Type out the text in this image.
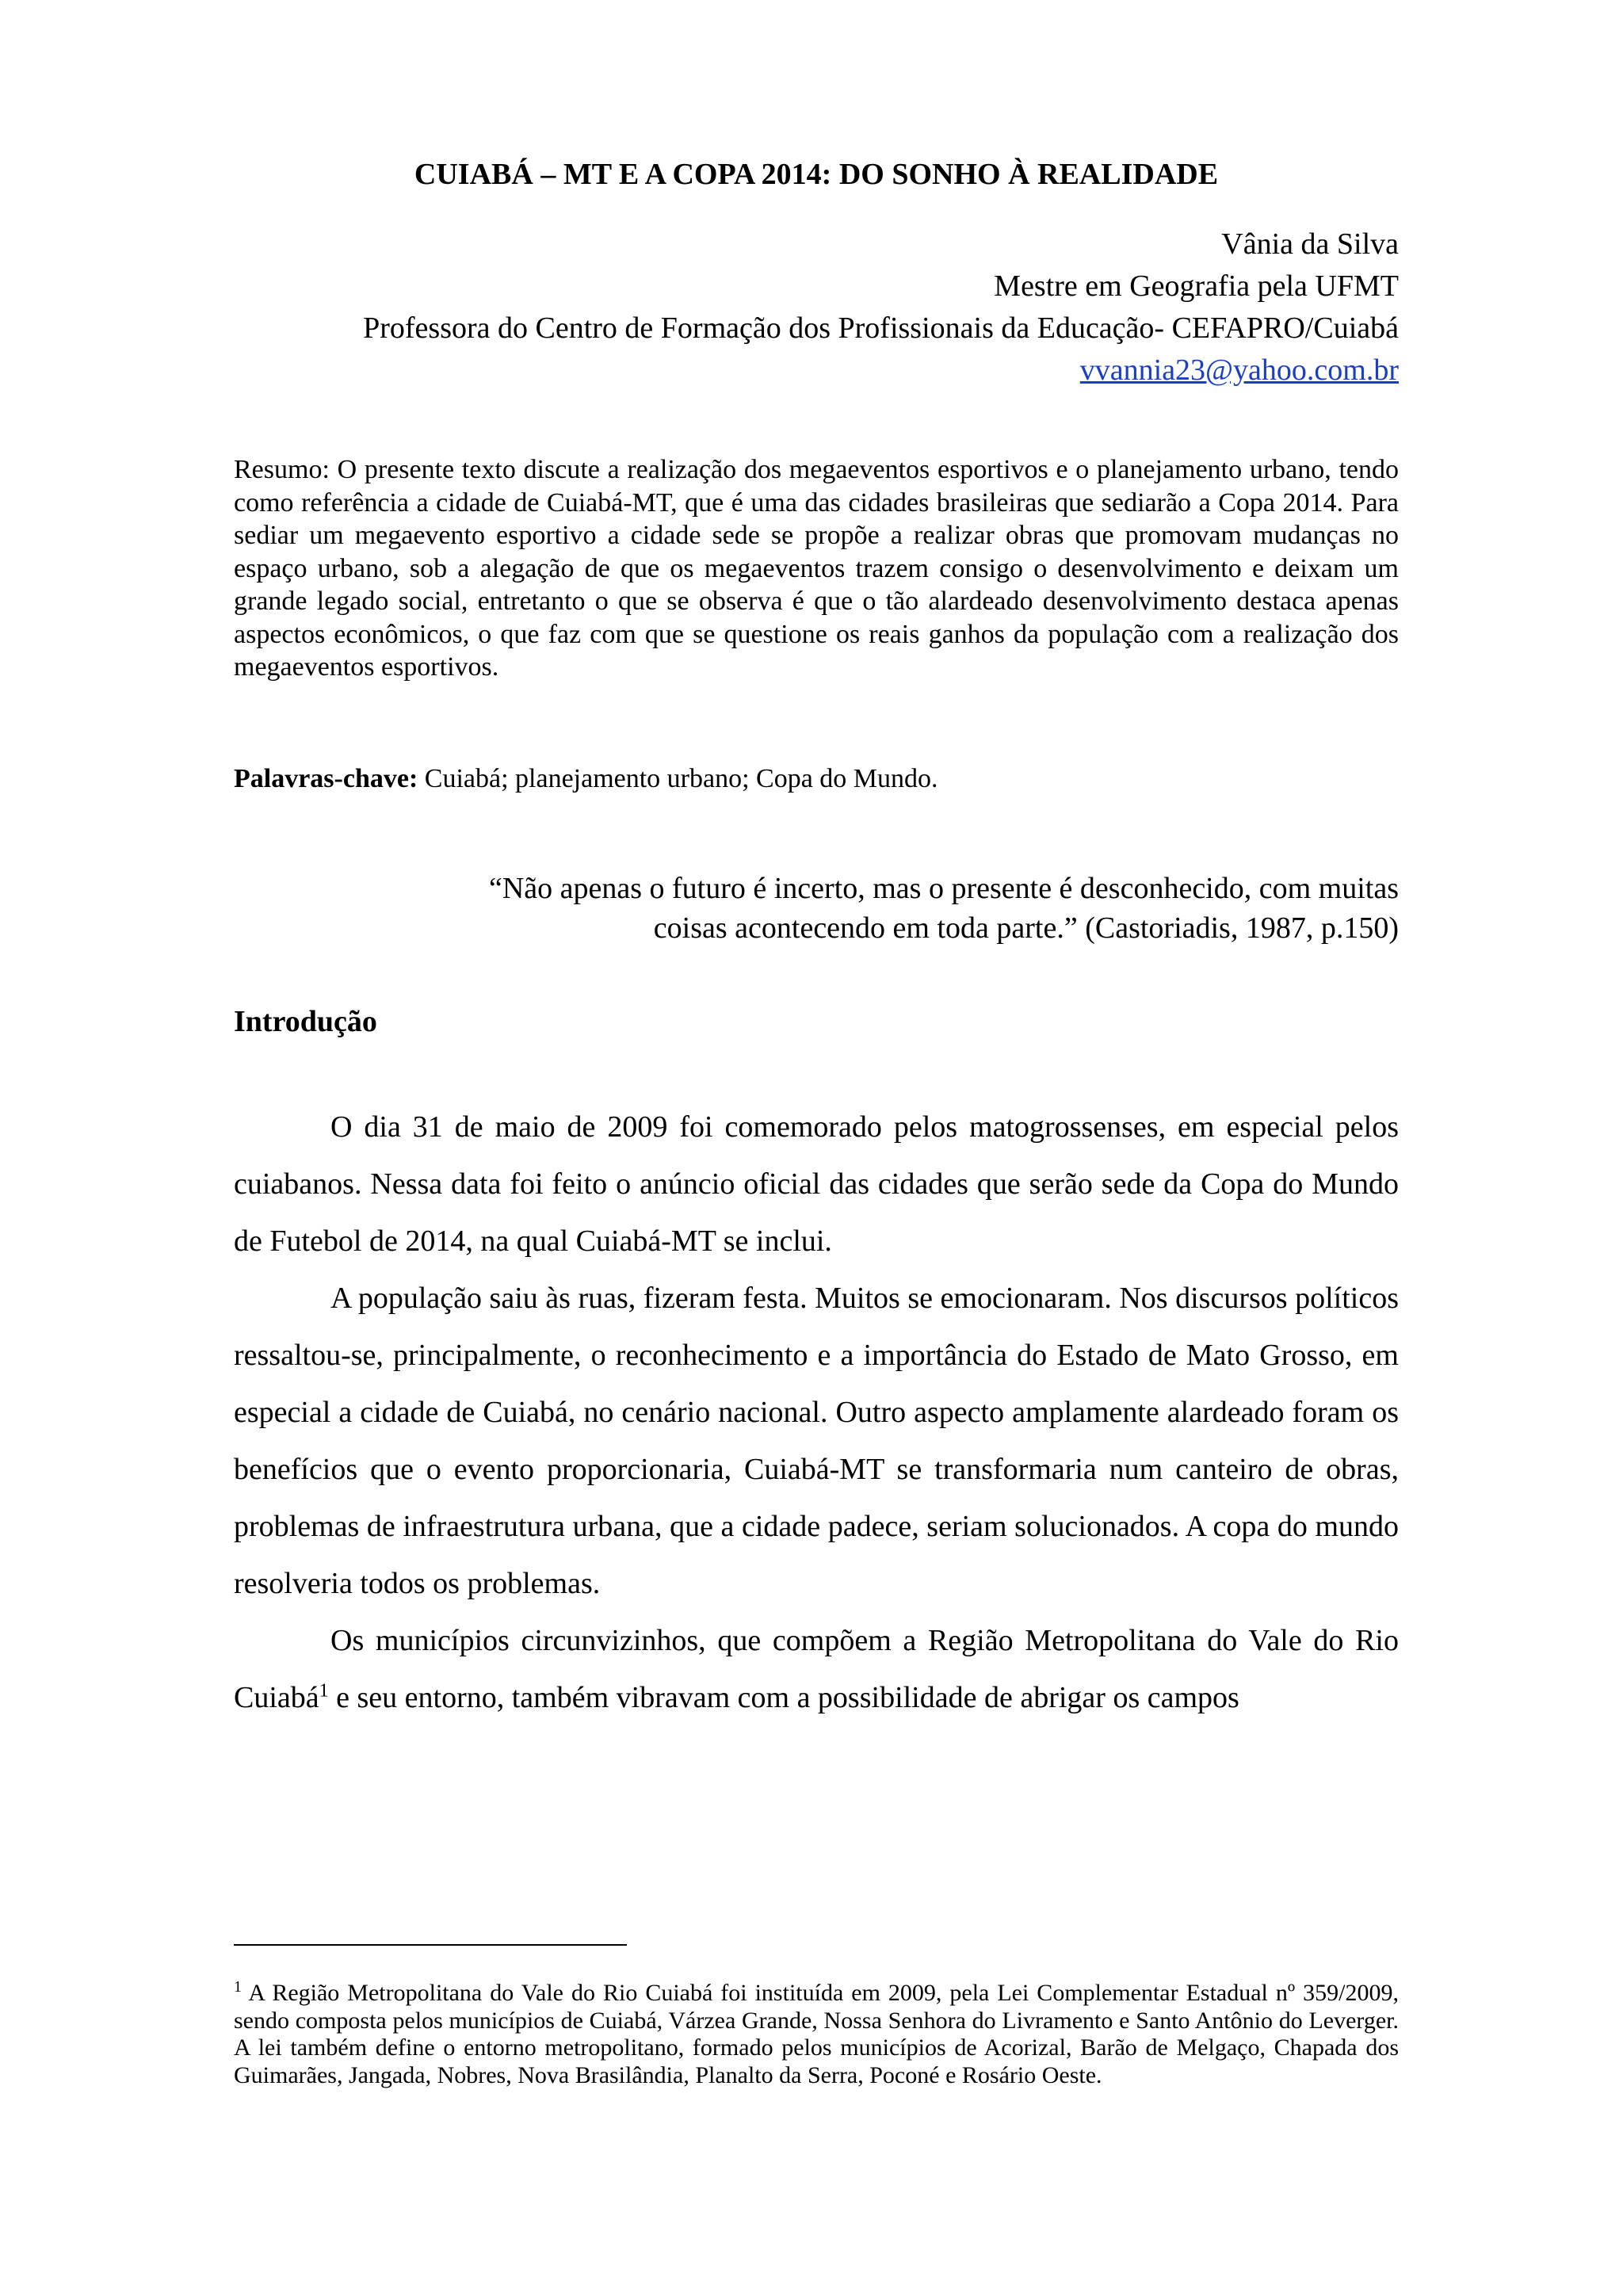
CUIABÁ – MT E A COPA 2014: DO SONHO À REALIDADE
Vânia da Silva
Mestre em Geografia pela UFMT
Professora do Centro de Formação dos Profissionais da Educação- CEFAPRO/Cuiabá
vvannia23@yahoo.com.br
Resumo: O presente texto discute a realização dos megaeventos esportivos e o planejamento urbano, tendo como referência a cidade de Cuiabá-MT, que é uma das cidades brasileiras que sediarão a Copa 2014. Para sediar um megaevento esportivo a cidade sede se propõe a realizar obras que promovam mudanças no espaço urbano, sob a alegação de que os megaeventos trazem consigo o desenvolvimento e deixam um grande legado social, entretanto o que se observa é que o tão alardeado desenvolvimento destaca apenas aspectos econômicos, o que faz com que se questione os reais ganhos da população com a realização dos megaeventos esportivos.
Palavras-chave: Cuiabá; planejamento urbano; Copa do Mundo.
“Não apenas o futuro é incerto, mas o presente é desconhecido, com muitas
coisas acontecendo em toda parte.” (Castoriadis, 1987, p.150)
Introdução

O dia 31 de maio de 2009 foi comemorado pelos matogrossenses, em especial pelos cuiabanos. Nessa data foi feito o anúncio oficial das cidades que serão sede da Copa do Mundo de Futebol de 2014, na qual Cuiabá-MT se inclui.

A população saiu às ruas, fizeram festa. Muitos se emocionaram. Nos discursos políticos ressaltou-se, principalmente, o reconhecimento e a importância do Estado de Mato Grosso, em especial a cidade de Cuiabá, no cenário nacional. Outro aspecto amplamente alardeado foram os benefícios que o evento proporcionaria, Cuiabá-MT se transformaria num canteiro de obras, problemas de infraestrutura urbana, que a cidade padece, seriam solucionados. A copa do mundo resolveria todos os problemas.

Os municípios circunvizinhos, que compõem a Região Metropolitana do Vale do Rio Cuiabá$^1$ e seu entorno, também vibravam com a possibilidade de abrigar os campos

$^1$ A Região Metropolitana do Vale do Rio Cuiabá foi instituída em 2009, pela Lei Complementar Estadual nº 359/2009, sendo composta pelos municípios de Cuiabá, Várzea Grande, Nossa Senhora do Livramento e Santo Antônio do Leverger. A lei também define o entorno metropolitano, formado pelos municípios de Acorizal, Barão de Melgaço, Chapada dos Guimarães, Jangada, Nobres, Nova Brasilândia, Planalto da Serra, Poconé e Rosário Oeste.
